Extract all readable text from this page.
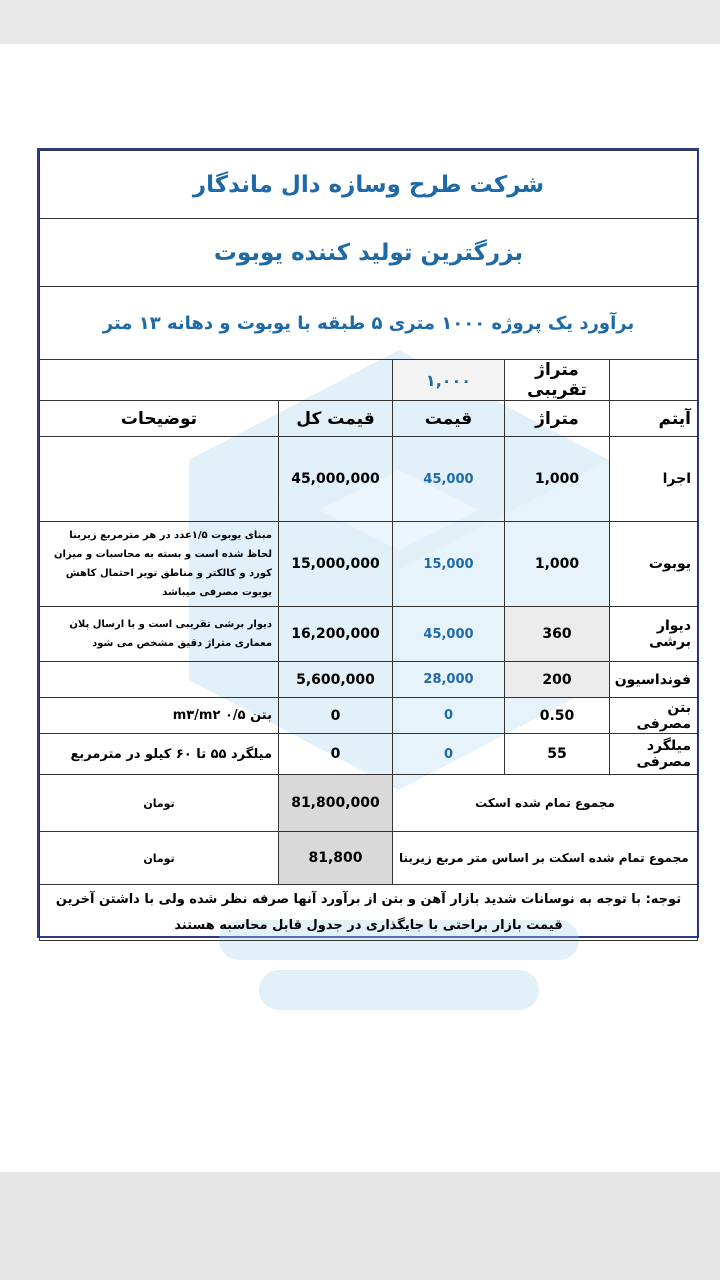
شرکت طرح وسازه دال ماندگار				
بزرگترین تولید کننده یوبوت				
برآورد یک پروژه ۱۰۰۰ متری ۵ طبقه با یوبوت و دهانه ۱۳ متر				
	متراژ تقریبی	۱,۰۰۰		
آیتم	متراژ	قیمت	قیمت کل	توضیحات
اجرا	1,000	45,000	45,000,000	
یوبوت	1,000	15,000	15,000,000	مبنای یوبوت ۱/۵عدد در هر مترمربع زیربنا لحاظ شده است و بسته به محاسبات و میزان کورد و کالکتر و مناطق تویر احتمال کاهش یوبوت مصرفی میباشد
دیوار برشی	360	45,000	16,200,000	دیوار برشی تقریبی است و با ارسال پلان معماری متراژ دقیق مشخص می شود
فونداسیون	200	28,000	5,600,000	
بتن مصرفی	0.50	0	0	بتن ۰/۵ m۳/m۲
میلگرد مصرفی	55	0	0	میلگرد ۵۵ تا ۶۰ کیلو در مترمربع
مجموع تمام شده اسکت			81,800,000	تومان
مجموع تمام شده اسکت بر اساس متر مربع زیربنا			81,800	تومان
توجه: با توجه به نوسانات شدید بازار آهن و بتن از برآورد آنها صرفه نظر شده ولی با داشتن آخرین قیمت بازار براحتی با جایگذاری در جدول قابل محاسبه هستند				
